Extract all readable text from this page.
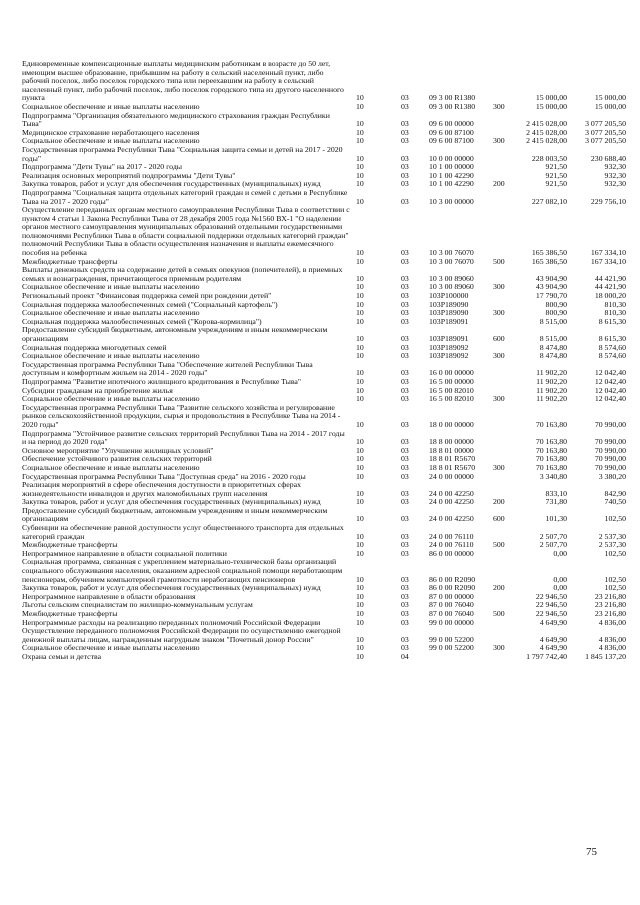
Единовременные компенсационные выплаты медицинским работникам в возрасте до 50 лет, имеющим высшее образование, прибывшим на работу в сельский населенный пункт, либо рабочий поселок, либо поселок городского типа или переехавшим на работу в сельский населенный пункт, либо рабочий поселок, либо поселок городского типа из другого населенного пункта	10	03	09 3 00 R1380	15 000,00	15 000,00
Социальное обеспечение и иные выплаты населению	10	03	09 3 00 R1380	300	15 000,00	15 000,00
Подпрограмма "Организация обязательного медицинского страхования граждан Республики Тыва"	10	03	09 6 00 00000	2 415 028,00	3 077 205,50
Медицинское страхование неработающего населения	10	03	09 6 00 87100	2 415 028,00	3 077 205,50
Социальное обеспечение и иные выплаты населению	10	03	09 6 00 87100	300	2 415 028,00	3 077 205,50
Государственная программа Республики Тыва "Социальная защита семьи и детей на 2017 - 2020 годы"	10	03	10 0 00 00000	228 003,50	230 688,40
Подпрограмма "Дети Тувы" на 2017 - 2020 годы	10	03	10 1 00 00000	921,50	932,30
Реализация основных мероприятий подпрограммы "Дети Тувы"	10	03	10 1 00 42290	921,50	932,30
Закупка товаров, работ и услуг для обеспечения государственных (муниципальных) нужд	10	03	10 1 00 42290	200	921,50	932,30
Подпрограмма "Социальная защита отдельных категорий граждан и семей с детьми в Республике Тыва на 2017 - 2020 годы"	10	03	10 3 00 00000	227 082,10	229 756,10
Осуществление переданных органам местного самоуправления Республики Тыва в соответствии с пунктом 4 статьи 1 Закона Республики Тыва от 28 декабря 2005 года №1560 ВХ-1 "О наделении органов местного самоуправления муниципальных образований отдельными государственными полномочиями Республики Тыва в области социальной поддержки отдельных категорий граждан" полномочий Республики Тыва в области осуществления назначения и выплаты ежемесячного пособия на ребенка	10	03	10 3 00 76070	165 386,50	167 334,10
Межбюджетные трансферты	10	03	10 3 00 76070	500	165 386,50	167 334,10
Выплаты денежных средств на содержание детей в семьях опекунов (попечителей), в приемных семьях и вознаграждения, причитающегося приемным родителям	10	03	10 3 00 89060	43 904,90	44 421,90
Социальное обеспечение и иные выплаты населению	10	03	10 3 00 89060	300	43 904,90	44 421,90
Региональный проект "Финансовая поддержка семей при рождении детей"	10	03	103P100000	17 790,70	18 000,20
Социальная поддержка малообеспеченных семей ("Социальный картофель")	10	03	103P189090	800,90	810,30
Социальное обеспечение и иные выплаты населению	10	03	103P189090	300	800,90	810,30
Социальная поддержка малообеспеченных семей ("Корова-кормилица")	10	03	103P189091	8 515,00	8 615,30
Предоставление субсидий бюджетным, автономным учреждениям и иным некоммерческим организациям	10	03	103P189091	600	8 515,00	8 615,30
Социальная поддержка многодетных семей	10	03	103P189092	8 474,80	8 574,60
Социальное обеспечение и иные выплаты населению	10	03	103P189092	300	8 474,80	8 574,60
Государственная программа Республики Тыва "Обеспечение жителей Республики Тыва доступным и комфортным жильем на 2014 - 2020 годы"	10	03	16 0 00 00000	11 902,20	12 042,40
Подпрограмма "Развитие ипотечного жилищного кредитования в Республике Тыва"	10	03	16 5 00 00000	11 902,20	12 042,40
Субсидии гражданам на приобретение жилья	10	03	16 5 00 82010	11 902,20	12 042,40
Социальное обеспечение и иные выплаты населению	10	03	16 5 00 82010	300	11 902,20	12 042,40
Государственная программа Республики Тыва "Развитие сельского хозяйства и регулирование рынков сельскохозяйственной продукции, сырья и продовольствия в Республике Тыва на 2014 - 2020 годы"	10	03	18 0 00 00000	70 163,80	70 990,00
Подпрограмма "Устойчивое развитие сельских территорий Республики Тыва на 2014 - 2017 годы и на период до 2020 года"	10	03	18 8 00 00000	70 163,80	70 990,00
Основное мероприятие "Улучшение жилищных условий"	10	03	18 8 01 00000	70 163,80	70 990,00
Обеспечение устойчивого развития сельских территорий	10	03	18 8 01 R5670	70 163,80	70 990,00
Социальное обеспечение и иные выплаты населению	10	03	18 8 01 R5670	300	70 163,80	70 990,00
Государственная программа Республики Тыва "Доступная среда" на 2016 - 2020 годы	10	03	24 0 00 00000	3 340,80	3 380,20
Реализация мероприятий в сфере обеспечения доступности в приоритетных сферах жизнедеятельности инвалидов и других маломобильных групп населения	10	03	24 0 00 42250	833,10	842,90
Закупка товаров, работ и услуг для обеспечения государственных (муниципальных) нужд	10	03	24 0 00 42250	200	731,80	740,50
Предоставление субсидий бюджетным, автономным учреждениям и иным некоммерческим организациям	10	03	24 0 00 42250	600	101,30	102,50
Субвенции на обеспечение равной доступности услуг общественного транспорта для отдельных категорий граждан	10	03	24 0 00 76110	2 507,70	2 537,30
Межбюджетные трансферты	10	03	24 0 00 76110	500	2 507,70	2 537,30
Непрограммное направление в области социальной политики	10	03	86 0 00 00000	0,00	102,50
Социальная программа, связанная с укреплением материально-технической базы организаций социального обслуживания населения, оказанием адресной социальной помощи неработающим пенсионерам, обучением компьютерной грамотности неработающих пенсионеров	10	03	86 0 00 R2090	0,00	102,50
Закупка товаров, работ и услуг для обеспечения государственных (муниципальных) нужд	10	03	86 0 00 R2090	200	0,00	102,50
Непрограммное направление в области образования	10	03	87 0 00 00000	22 946,50	23 216,80
Льготы сельским специалистам по жилищно-коммунальным услугам	10	03	87 0 00 76040	22 946,50	23 216,80
Межбюджетные трансферты	10	03	87 0 00 76040	500	22 946,50	23 216,80
Непрограммные расходы на реализацию переданных полномочий Российской Федерации	10	03	99 0 00 00000	4 649,90	4 836,00
Осуществление переданного полномочия Российской Федерации по осуществлению ежегодной денежной выплаты лицам, награжденным нагрудным знаком "Почетный донор России"	10	03	99 0 00 52200	4 649,90	4 836,00
Социальное обеспечение и иные выплаты населению	10	03	99 0 00 52200	300	4 649,90	4 836,00
Охрана семьи и детства	10	04	1 797 742,40	1 845 137,20
75
